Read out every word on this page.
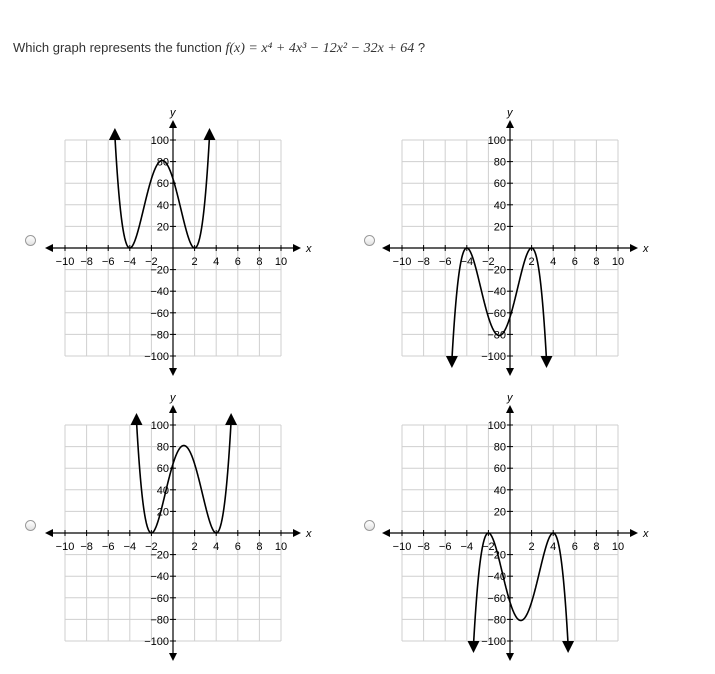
Which graph represents the function f(x) = x⁴ + 4x³ − 12x² − 32x + 64 ?
x
y
−10 −8 −6 −4 −2	2 4 6 8 10
100
80
60
40
20
−20
−40
−60
−80
−100
x
y
−10 −8 −6 −4 −2	2 4 6 8 10
100
80
60
40
20
−20
−40
−60
−80
−100
x
y
−10 −8 −6 −4 −2	2 4 6 8 10
100
80
60
40
20
−20
−40
−60
−80
−100
x
y
−10 −8 −6 −4 −2	2 4 6 8 10
100
80
60
40
20
−20
−40
−60
−80
−100
